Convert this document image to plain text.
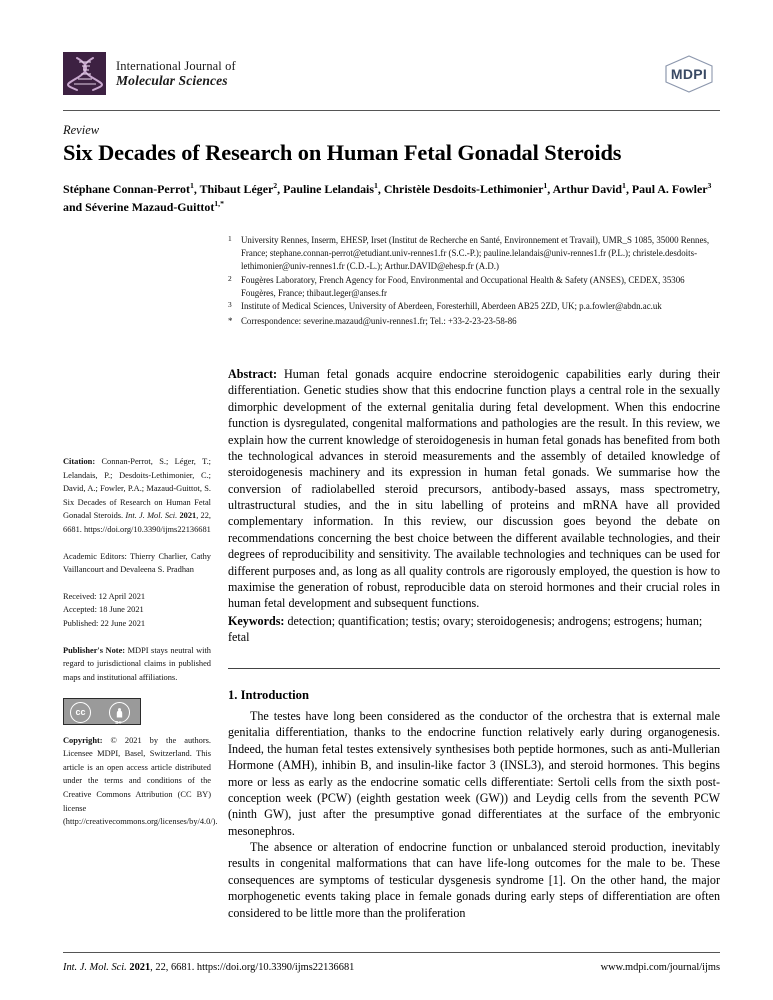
International Journal of
Molecular Sciences	MDPI
Review
Six Decades of Research on Human Fetal Gonadal Steroids
Stéphane Connan-Perrot$^1$, Thibaut Léger$^2$, Pauline Lelandais$^1$, Christèle Desdoits-Lethimonier$^1$, Arthur David$^1$, Paul A. Fowler$^3$ and Séverine Mazaud-Guittot$^{1,*}$
$^1$	University Rennes, Inserm, EHESP, Irset (Institut de Recherche en Santé, Environnement et Travail), UMR_S 1085, 35000 Rennes, France; stephane.connan-perrot@etudiant.univ-rennes1.fr (S.C.-P.); pauline.lelandais@univ-rennes1.fr (P.L.); christele.desdoits-lethimonier@univ-rennes1.fr (C.D.-L.); Arthur.DAVID@ehesp.fr (A.D.)
$^2$	Fougères Laboratory, French Agency for Food, Environmental and Occupational Health & Safety (ANSES), CEDEX, 35306 Fougères, France; thibaut.leger@anses.fr
$^3$	Institute of Medical Sciences, University of Aberdeen, Foresterhill, Aberdeen AB25 2ZD, UK; p.a.fowler@abdn.ac.uk
* Correspondence: severine.mazaud@univ-rennes1.fr; Tel.: +33-2-23-23-58-86
Abstract: Human fetal gonads acquire endocrine steroidogenic capabilities early during their differentiation. Genetic studies show that this endocrine function plays a central role in the sexually dimorphic development of the external genitalia during fetal development. When this endocrine function is dysregulated, congenital malformations and pathologies are the result. In this review, we explain how the current knowledge of steroidogenesis in human fetal gonads has benefited from both the technological advances in steroid measurements and the assembly of detailed knowledge of steroidogenesis machinery and its expression in human fetal gonads. We summarise how the conversion of radiolabelled steroid precursors, antibody-based assays, mass spectrometry, ultrastructural studies, and the in situ labelling of proteins and mRNA have all provided complementary information. In this review, our discussion goes beyond the debate on recommendations concerning the best choice between the different available technologies, and their degrees of reproducibility and sensitivity. The available technologies and techniques can be used for different purposes and, as long as all quality controls are rigorously employed, the question is how to maximise the generation of robust, reproducible data on steroid hormones and their crucial roles in human fetal development and subsequent functions.
Keywords: detection; quantification; testis; ovary; steroidogenesis; androgens; estrogens; human; fetal
1. Introduction

The testes have long been considered as the conductor of the orchestra that is external male genitalia differentiation, thanks to the endocrine function relatively early during organogenesis. Indeed, the human fetal testes extensively synthesises both peptide hormones, such as anti-Mullerian Hormone (AMH), inhibin B, and insulin-like factor 3 (INSL3), and steroid hormones. This begins more or less as early as the endocrine somatic cells differentiate: Sertoli cells from the sixth post-conception week (PCW) (eighth gestation week (GW)) and Leydig cells from the seventh PCW (ninth GW), just after the presumptive gonad differentiates at the surface of the embryonic mesonephros.

The absence or alteration of endocrine function or unbalanced steroid production, inevitably results in congenital malformations that can have life-long outcomes for the male to be. These consequences are symptoms of testicular dysgenesis syndrome [1]. On the other hand, the major morphogenetic events taking place in female gonads during early steps of differentiation are often considered to be little more than the proliferation

Citation: Connan-Perrot, S.; Léger, T.; Lelandais, P.; Desdoits-Lethimonier, C.; David, A.; Fowler, P.A.; Mazaud-Guittot, S. Six Decades of Research on Human Fetal Gonadal Steroids. Int. J. Mol. Sci. 2021, 22, 6681. https://doi.org/10.3390/ijms22136681
Academic Editors: Thierry Charlier, Cathy Vaillancourt and Devaleena S. Pradhan
Received: 12 April 2021
Accepted: 18 June 2021
Published: 22 June 2021
Publisher's Note: MDPI stays neutral with regard to jurisdictional claims in published maps and institutional affiliations.
cc
BY
Copyright: © 2021 by the authors. Licensee MDPI, Basel, Switzerland. This article is an open access article distributed under the terms and conditions of the Creative Commons Attribution (CC BY) license (http://creativecommons.org/licenses/by/4.0/).
Int. J. Mol. Sci. 2021, 22, 6681. https://doi.org/10.3390/ijms22136681	www.mdpi.com/journal/ijms
